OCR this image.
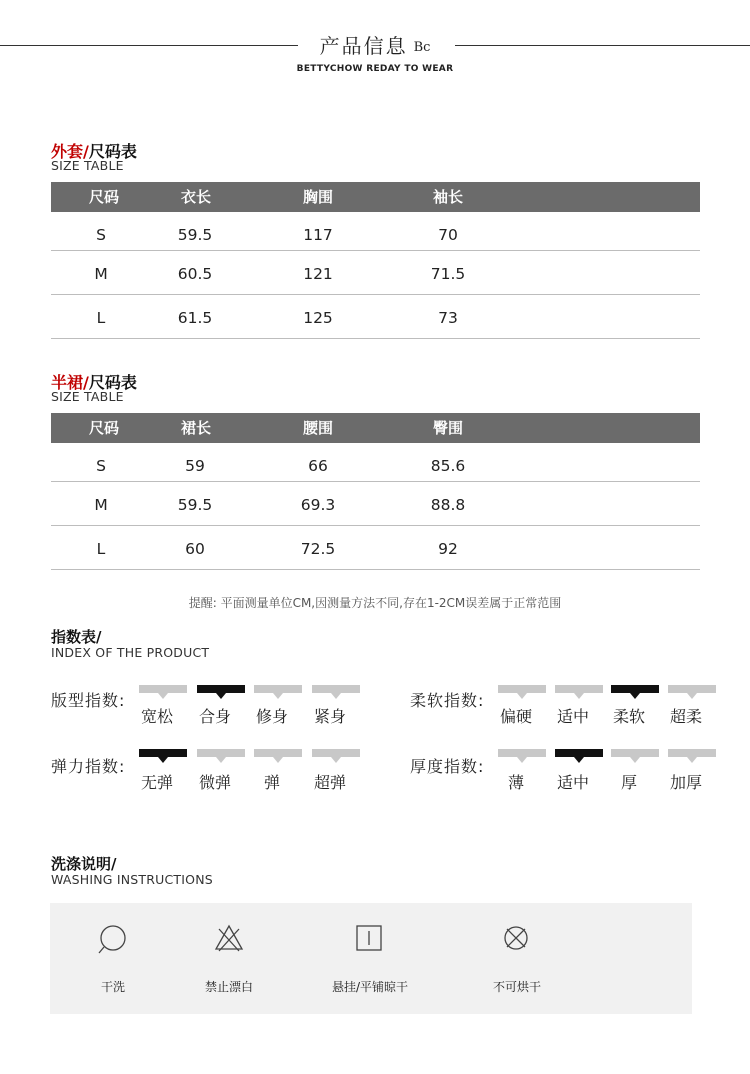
产品信息 Bc
BETTYCHOW REDAY TO WEAR
外套/尺码表
SIZE TABLE
尺码	衣长	胸围	袖长
S	59.5	117	70
M	60.5	121	71.5
L	61.5	125	73
半裙/尺码表
SIZE TABLE
尺码	裙长	腰围	臀围
S	59	66	85.6
M	59.5	69.3	88.8
L	60	72.5	92
提醒: 平面测量单位CM,因测量方法不同,存在1-2CM误差属于正常范围
指数表/
INDEX OF THE PRODUCT
版型指数:
宽松	合身	修身	紧身
柔软指数:
偏硬	适中	柔软	超柔
弹力指数:
无弹	微弹	弹	超弹
厚度指数:
薄	适中	厚	加厚
洗涤说明/
WASHING INSTRUCTIONS
干洗	禁止漂白	悬挂/平铺晾干	不可烘干
